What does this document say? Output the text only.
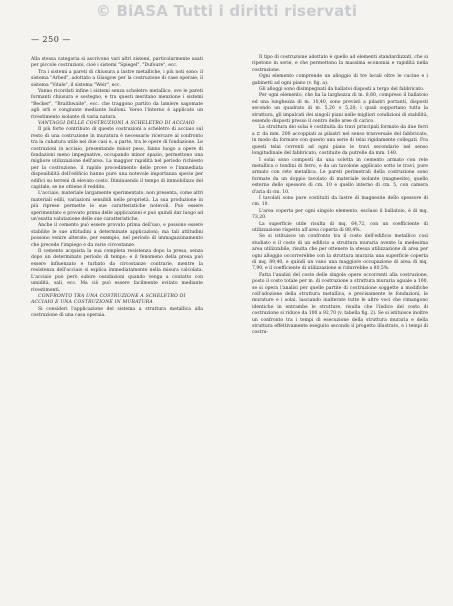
© BiASA Tutti i diritti riservati
— 250 —

Alla stessa categoria si ascrivono vari altri sistemi, particolarmente usati per piccole costruzioni, cioè i sistemi "Spiegel", "Dufoure", ecc.

Tra i sistemi a pareti di chiusura a lastre metalliche, i più noti sono: il sistema "Arbed", adottato a Glasgow per la costruzione di case operaie; il sistema "Vitale", il sistema "Weir", ecc.

Vanno ricordati infine i sistemi senza scheletro metallico, ove le pareti formanti chiusura e sostegno, e tra questi meritano menzione i sistemi "Becker", "Braithwaite", ecc. che traggono partito da lamiere sagomate agli orli e congiunte mediante bulloni. Verso l'interno è applicato un rivestimento isolante di varia natura.

VANTAGGI DELLE COSTRUZIONI A SCHELETRO DI ACCIAIO

Il più forte contributo di queste costruzioni a scheletro di acciaio sul resto di una costruzione in muratura è necessario ricercare al confronto tra la cubatura utile nei due casi e, a parte, tra le opere di fondazione. Le costruzioni in acciaio, presentando minor peso, fanno luogo a opere di fondazioni meno impegnative, occupando minor spazio, permettono una migliore utilizzazione dell'area. La maggior rapidità nel periodo richiesto per la costruzione, il rapido procedimento delle prove e l'immediata disponibilità dell'edificio hanno pure una notevole importanza specie per edifici su terreni di elevato costo. Diminuendo il tempo di immobilizzo del capitale, se ne ottiene il reddito.

L'acciaio, materiale largamente sperimentato, non presenta, come altri materiali edili, variazioni sensibili nelle proprietà. La sua produzione in più riprese permette le sue caratteristiche notevoli. Può essere sperimentato e provato prima delle applicazioni e può quindi dar luogo ad un'esatta valutazione delle sue caratteristiche.

Anche il cemento può essere provato prima dell'uso, e possono essere stabilite le sue attitudini a determinate applicazioni; ma tali attitudini possono venire alterate, per esempio, nel periodo di immagazzinamento che precede l'impiego e da varie circostanze.

Il cemento acquista la sua completa resistenza dopo la presa, senza dopo un determinato periodo di tempo; e il fenomeno della presa può essere influenzato e turbato da circostanze contrarie, mentre la resistenza dell'acciaio si esplica immediatamente nella misura calcolata. L'acciaio può però subire ossidazioni quando venga a contatto con umidità, sali, ecc. Ma ciò può essere facilmente evitato mediante rivestimenti.

CONFRONTO TRA UNA COSTRUZIONE A SCHELETRO DI ACCIAIO E UNA COSTRUZIONE IN MURATURA

Si consideri l'applicazione del sistema a struttura metallica alla costruzione di una casa operaia.

Il tipo di costruzione adottato è quello ad elementi standardizzati, che si ripetono in serie, e che permettono la massima economia e rapidità nella costruzione.

Ogni elemento comprende un alloggio di tre locali oltre le cucine e i gabinetti ad ogni piano (v. fig. a).

Gli alloggi sono disimpegnati da ballatoi disposti a tergo del fabbricato.

Per ogni elemento, che ha la larghezza di m. 8,60, compreso il ballatoio ed una lunghezza di m. 10,40, sono previsti a pilastri portanti, disposti secondo un quadrato di m. 5,20 × 5,20; i quali sopportano tutta la struttura, gli impalcati dei singoli piani nelle migliori condizioni di stabilità, essendo disposti presso il centro delle aree di carico.

La struttura dei solai è costituita da travi principali formate da due ferri a ⊏ da mm. 200 accoppiati ai pilastri nel senso trasversale del fabbricato, in modo da formare con questo una serie di telai rigidamente collegati. Fra questi telai correnti ad ogni piano le travi secondarie nel senso longitudinale del fabbricato, costituite da putrelle da mm. 140.

I solai sono composti da una soletta in cemento armato con rete metallica o tondini di ferro, e da un tavolone applicato sotto le travi, pure armato con rete metallica. Le pareti perimetrali della costruzione sono formate da un doppio tavolato di materiale isolante (magnesite), quello esterno dello spessore di cm. 10 e quello interno di cm. 5, con camera d'aria di cm. 10.

I tavolati sono pure costituiti da lastre di magnesite dello spessore di cm. 10.

L'area coperta per ogni singolo elemento, escluso il ballatoio, è di mq. 73,20.

La superficie utile risulta di mq. 64,72, con un coefficiente di utilizzazione rispetto all'area coperta di 88,4%.

Se si istituisce un confronto tra il costo dell'edificio metallico così studiato e il costo di un edificio a struttura muraria avente la medesima area utilizzabile, risulta che per ottenere la stessa utilizzazione di area per ogni alloggio occorrerebbe con la struttura muraria una superficie coperta di mq. 89,40, e quindi un vano una maggiore occupazione di area di mq. 7,90, e il coefficiente di utilizzazione si ridurrebbe a 80,5%.

Fatta l'analisi del costo delle singole opere occorrenti alla costruzione, posto il costo totale per m. di costruzione a struttura muraria uguale a 100, se si opera l'analisi per quelle partite di costruzione soggette a modifiche coll'adozione della struttura metallica, e precisamente le fondazioni, le murature e i solai, lasciando inalterate tutte le altre voci che rimangono identiche in entrambe le strutture, risulta che l'indice del costo di costruzione si riduce da 100 a 92,70 (v. tabella fig. 2). Se si istituisce inoltre un confronto tra i tempi di esecuzione della struttura muraria e della struttura effettivamente eseguito secondo il progetto illustrato, e i tempi di costru-
